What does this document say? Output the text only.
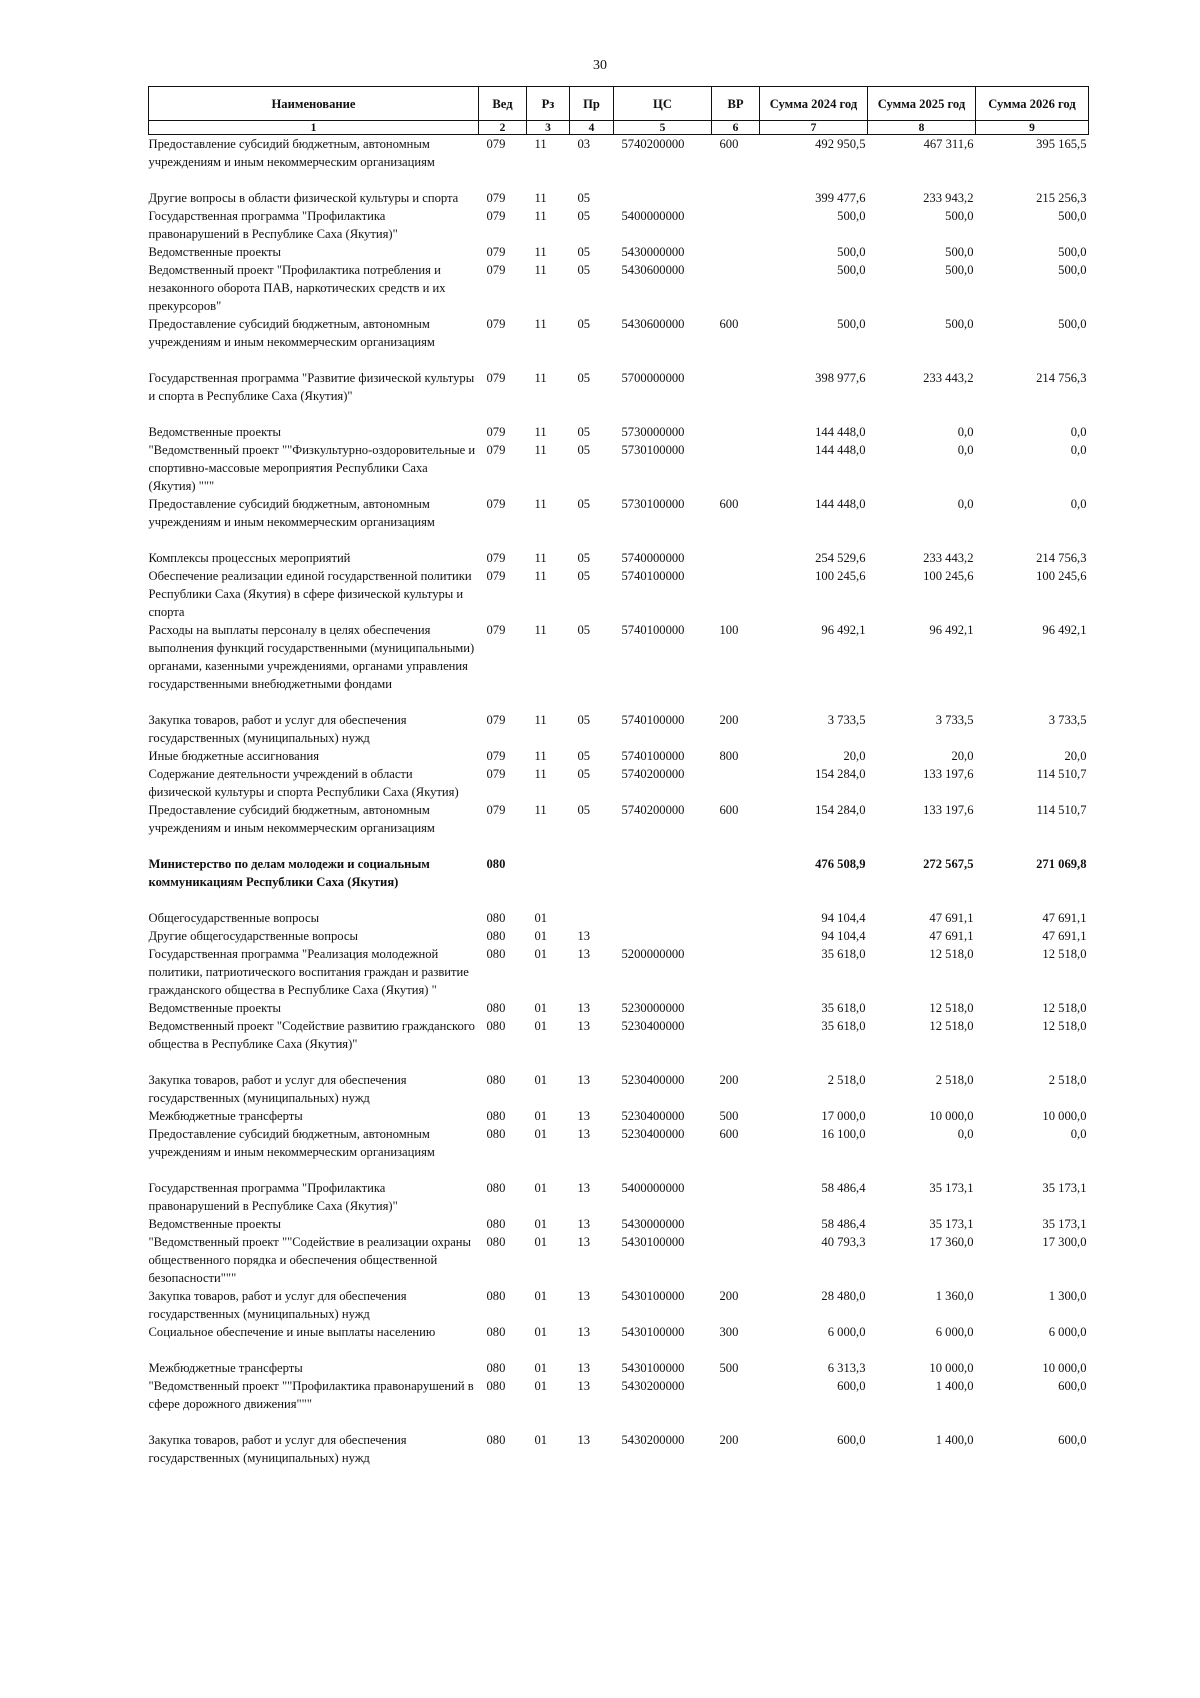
30
Наименование	Вед	Рз	Пр	ЦС	ВР	Сумма 2024 год	Сумма 2025 год	Сумма 2026 год
1	2	3	4	5	6	7	8	9
Предоставление субсидий бюджетным, автономным учреждениям и иным некоммерческим организациям	079	11	03	5740200000	600	492 950,5	467 311,6	395 165,5
Другие вопросы в области физической культуры и спорта	079	11	05			399 477,6	233 943,2	215 256,3
Государственная программа "Профилактика правонарушений в Республике Саха (Якутия)"	079	11	05	5400000000		500,0	500,0	500,0
Ведомственные проекты	079	11	05	5430000000		500,0	500,0	500,0
Ведомственный проект "Профилактика потребления и незаконного оборота ПАВ, наркотических средств и их прекурсоров"	079	11	05	5430600000		500,0	500,0	500,0
Предоставление субсидий бюджетным, автономным учреждениям и иным некоммерческим организациям	079	11	05	5430600000	600	500,0	500,0	500,0
Государственная программа "Развитие физической культуры и спорта в Республике Саха (Якутия)"	079	11	05	5700000000		398 977,6	233 443,2	214 756,3
Ведомственные проекты	079	11	05	5730000000		144 448,0	0,0	0,0
"Ведомственный проект ""Физкультурно-оздоровительные и спортивно-массовые мероприятия Республики Саха (Якутия) """	079	11	05	5730100000		144 448,0	0,0	0,0
Предоставление субсидий бюджетным, автономным учреждениям и иным некоммерческим организациям	079	11	05	5730100000	600	144 448,0	0,0	0,0
Комплексы процессных мероприятий	079	11	05	5740000000		254 529,6	233 443,2	214 756,3
Обеспечение реализации единой государственной политики Республики Саха (Якутия) в сфере физической культуры и спорта	079	11	05	5740100000		100 245,6	100 245,6	100 245,6
Расходы на выплаты персоналу в целях обеспечения выполнения функций государственными (муниципальными) органами, казенными учреждениями, органами управления государственными внебюджетными фондами	079	11	05	5740100000	100	96 492,1	96 492,1	96 492,1
Закупка товаров, работ и услуг для обеспечения государственных (муниципальных) нужд	079	11	05	5740100000	200	3 733,5	3 733,5	3 733,5
Иные бюджетные ассигнования	079	11	05	5740100000	800	20,0	20,0	20,0
Содержание деятельности учреждений в области физической культуры и спорта Республики Саха (Якутия)	079	11	05	5740200000		154 284,0	133 197,6	114 510,7
Предоставление субсидий бюджетным, автономным учреждениям и иным некоммерческим организациям	079	11	05	5740200000	600	154 284,0	133 197,6	114 510,7
Министерство по делам молодежи и социальным коммуникациям Республики Саха (Якутия)	080					476 508,9	272 567,5	271 069,8
Общегосударственные вопросы	080	01				94 104,4	47 691,1	47 691,1
Другие общегосударственные вопросы	080	01	13			94 104,4	47 691,1	47 691,1
Государственная программа "Реализация молодежной политики, патриотического воспитания граждан и развитие гражданского общества в Республике Саха (Якутия) "	080	01	13	5200000000		35 618,0	12 518,0	12 518,0
Ведомственные проекты	080	01	13	5230000000		35 618,0	12 518,0	12 518,0
Ведомственный проект "Содействие развитию гражданского общества в Республике Саха (Якутия)"	080	01	13	5230400000		35 618,0	12 518,0	12 518,0
Закупка товаров, работ и услуг для обеспечения государственных (муниципальных) нужд	080	01	13	5230400000	200	2 518,0	2 518,0	2 518,0
Межбюджетные трансферты	080	01	13	5230400000	500	17 000,0	10 000,0	10 000,0
Предоставление субсидий бюджетным, автономным учреждениям и иным некоммерческим организациям	080	01	13	5230400000	600	16 100,0	0,0	0,0
Государственная программа "Профилактика правонарушений в Республике Саха (Якутия)"	080	01	13	5400000000		58 486,4	35 173,1	35 173,1
Ведомственные проекты	080	01	13	5430000000		58 486,4	35 173,1	35 173,1
"Ведомственный проект ""Содействие в реализации охраны общественного порядка и обеспечения общественной безопасности"""	080	01	13	5430100000		40 793,3	17 360,0	17 300,0
Закупка товаров, работ и услуг для обеспечения государственных (муниципальных) нужд	080	01	13	5430100000	200	28 480,0	1 360,0	1 300,0
Социальное обеспечение и иные выплаты населению	080	01	13	5430100000	300	6 000,0	6 000,0	6 000,0
Межбюджетные трансферты	080	01	13	5430100000	500	6 313,3	10 000,0	10 000,0
"Ведомственный проект ""Профилактика правонарушений в сфере дорожного движения"""	080	01	13	5430200000		600,0	1 400,0	600,0
Закупка товаров, работ и услуг для обеспечения государственных (муниципальных) нужд	080	01	13	5430200000	200	600,0	1 400,0	600,0
